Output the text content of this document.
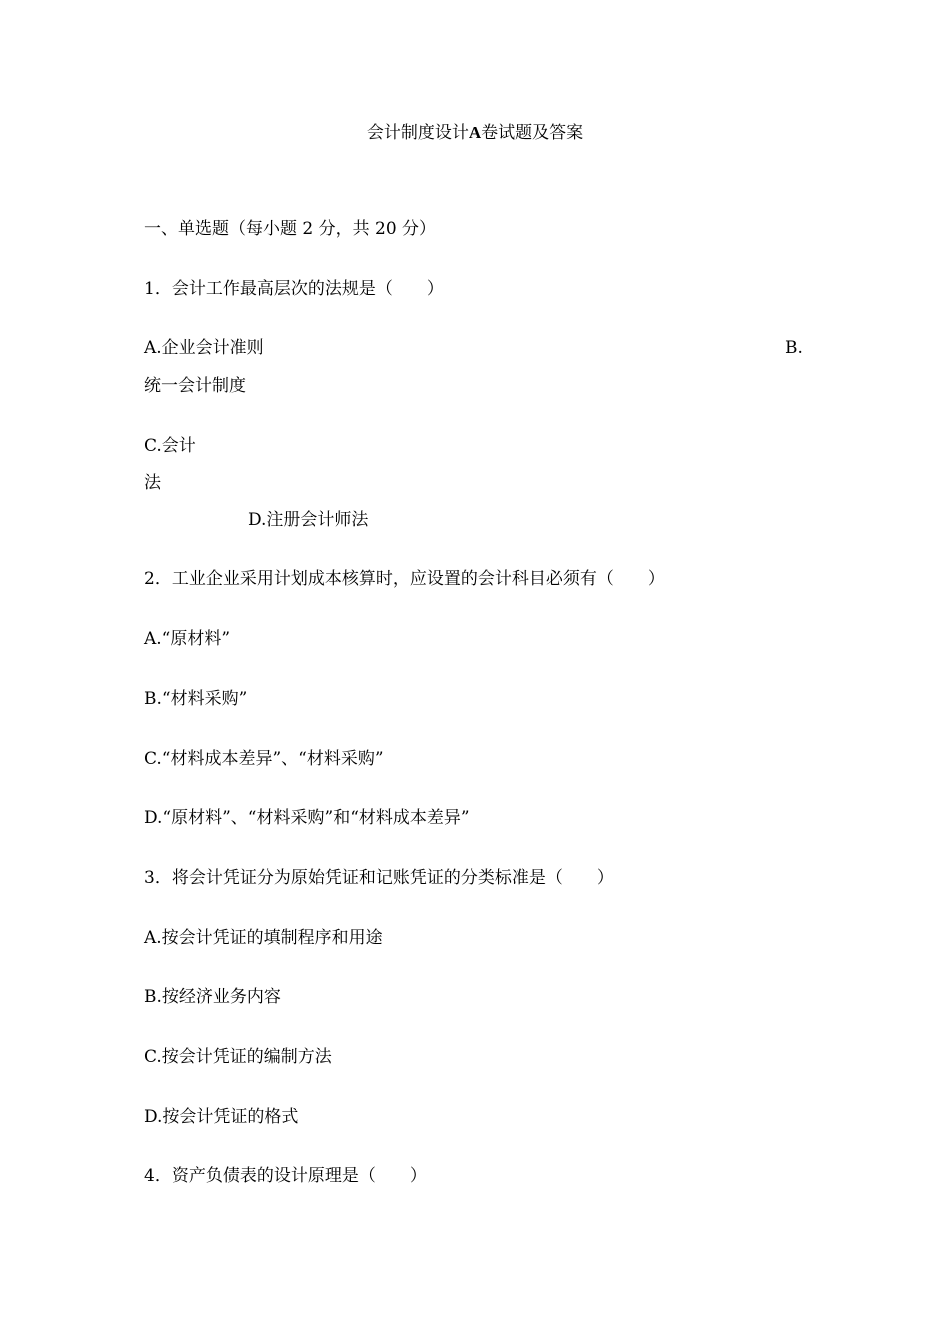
会计制度设计A卷试题及答案
一、单选题（每小题 2 分，共 20 分）
1．会计工作最高层次的法规是（　　）
A.企业会计准则	B.
统一会计制度
C.会计
法
D.注册会计师法
2．工业企业采用计划成本核算时，应设置的会计科目必须有（　　）
A.“原材料”
B.“材料采购”
C.“材料成本差异”、“材料采购”
D.“原材料”、“材料采购”和“材料成本差异”
3．将会计凭证分为原始凭证和记账凭证的分类标准是（　　）
A.按会计凭证的填制程序和用途
B.按经济业务内容
C.按会计凭证的编制方法
D.按会计凭证的格式
4．资产负债表的设计原理是（　　）
